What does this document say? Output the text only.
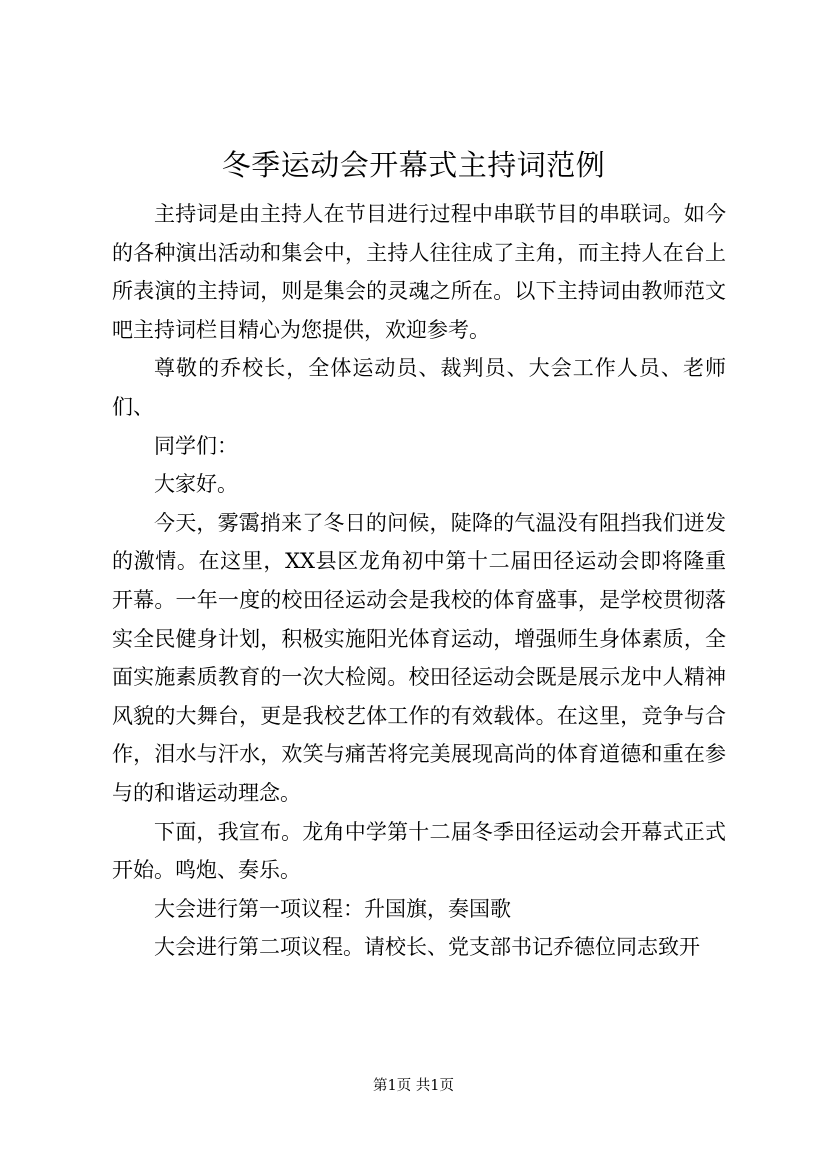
冬季运动会开幕式主持词范例

主持词是由主持人在节目进行过程中串联节目的串联词。如今的各种演出活动和集会中，主持人往往成了主角，而主持人在台上所表演的主持词，则是集会的灵魂之所在。以下主持词由教师范文吧主持词栏目精心为您提供，欢迎参考。

尊敬的乔校长，全体运动员、裁判员、大会工作人员、老师们、

同学们：

大家好。

今天，雾霭捎来了冬日的问候，陡降的气温没有阻挡我们迸发的激情。在这里，XX县区龙角初中第十二届田径运动会即将隆重开幕。一年一度的校田径运动会是我校的体育盛事，是学校贯彻落实全民健身计划，积极实施阳光体育运动，增强师生身体素质，全面实施素质教育的一次大检阅。校田径运动会既是展示龙中人精神风貌的大舞台，更是我校艺体工作的有效载体。在这里，竞争与合作，泪水与汗水，欢笑与痛苦将完美展现高尚的体育道德和重在参与的和谐运动理念。

下面，我宣布。龙角中学第十二届冬季田径运动会开幕式正式开始。鸣炮、奏乐。

大会进行第一项议程：升国旗，奏国歌

大会进行第二项议程。请校长、党支部书记乔德位同志致开

第1页 共1页
